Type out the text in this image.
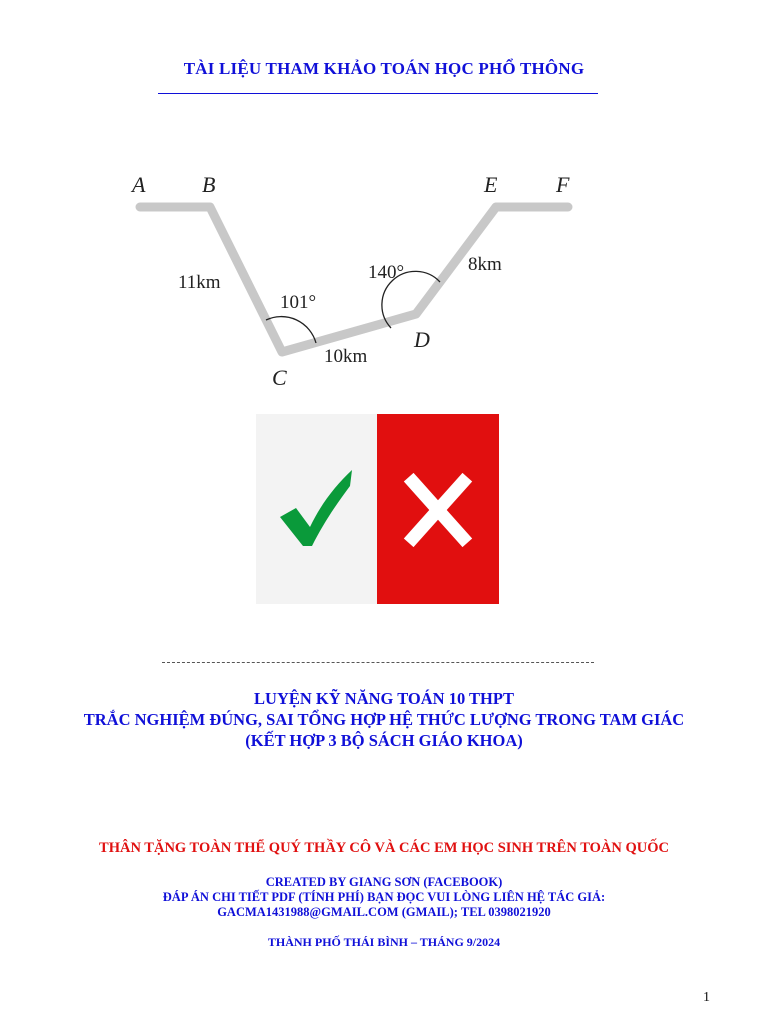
TÀI LIỆU THAM KHẢO TOÁN HỌC PHỔ THÔNG
A	B
C
D
E	F
11km
10km
8km
101°
140°
LUYỆN KỸ NĂNG TOÁN 10 THPT
TRẮC NGHIỆM ĐÚNG, SAI TỔNG HỢP HỆ THỨC LƯỢNG TRONG TAM GIÁC
(KẾT HỢP 3 BỘ SÁCH GIÁO KHOA)
THÂN TẶNG TOÀN THỂ QUÝ THẦY CÔ VÀ CÁC EM HỌC SINH TRÊN TOÀN QUỐC
CREATED BY GIANG SƠN (FACEBOOK)
ĐÁP ÁN CHI TIẾT PDF (TÍNH PHÍ) BẠN ĐỌC VUI LÒNG LIÊN HỆ TÁC GIẢ:
GACMA1431988@GMAIL.COM (GMAIL); TEL 0398021920
THÀNH PHỐ THÁI BÌNH – THÁNG 9/2024
1
